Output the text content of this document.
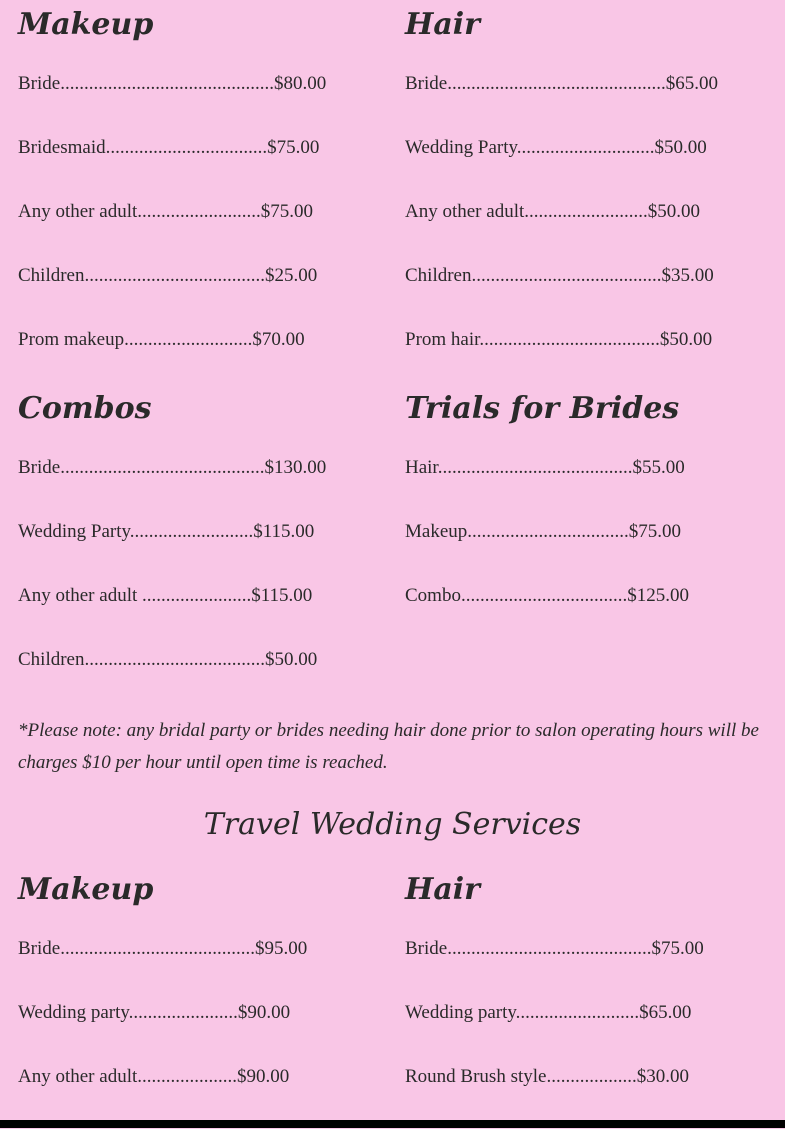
Makeup
Bride.............................................$80.00
Bridesmaid..................................$75.00
Any other adult..........................$75.00
Children......................................$25.00
Prom makeup...........................$70.00
Hair
Bride..............................................$65.00
Wedding Party.............................$50.00
Any other adult..........................$50.00
Children........................................$35.00
Prom hair......................................$50.00
Combos
Bride...........................................$130.00
Wedding Party..........................$115.00
Any other adult .......................$115.00
Children......................................$50.00
Trials for Brides
Hair.........................................$55.00
Makeup..................................$75.00
Combo...................................$125.00
*Please note: any bridal party or brides needing hair done prior to salon operating hours will be charges $10 per hour until open time is reached.
Travel Wedding Services
Makeup
Bride.........................................$95.00
Wedding party.......................$90.00
Any other adult.....................$90.00
Hair
Bride...........................................$75.00
Wedding party..........................$65.00
Round Brush style...................$30.00
